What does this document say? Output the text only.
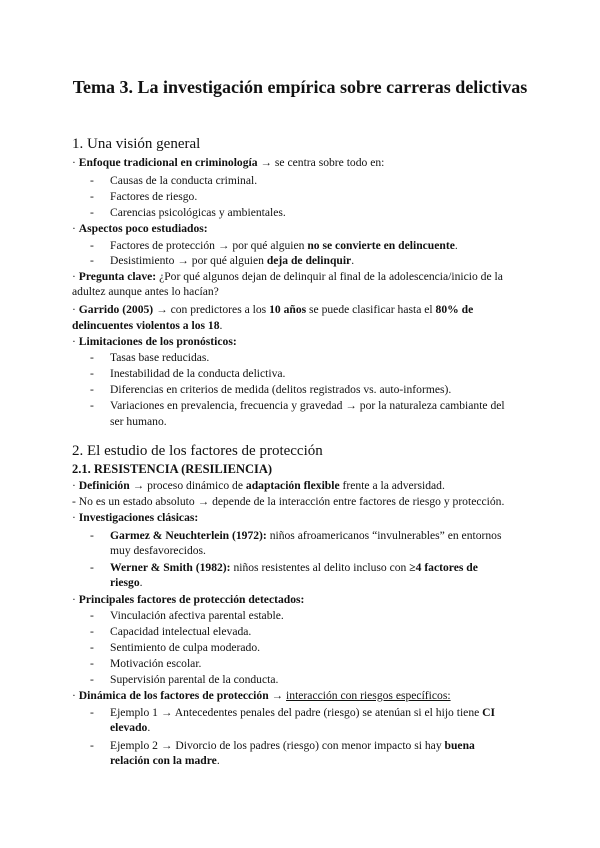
Tema 3. La investigación empírica sobre carreras delictivas
1. Una visión general
· Enfoque tradicional en criminología → se centra sobre todo en:
- Causas de la conducta criminal.
- Factores de riesgo.
- Carencias psicológicas y ambientales.
· Aspectos poco estudiados:
- Factores de protección → por qué alguien no se convierte en delincuente.
- Desistimiento → por qué alguien deja de delinquir.
· Pregunta clave: ¿Por qué algunos dejan de delinquir al final de la adolescencia/inicio de la
adultez aunque antes lo hacían?
· Garrido (2005) → con predictores a los 10 años se puede clasificar hasta el 80% de
delincuentes violentos a los 18.
· Limitaciones de los pronósticos:
- Tasas base reducidas.
- Inestabilidad de la conducta delictiva.
- Diferencias en criterios de medida (delitos registrados vs. auto-informes).
- Variaciones en prevalencia, frecuencia y gravedad → por la naturaleza cambiante del
ser humano.
2. El estudio de los factores de protección
2.1. RESISTENCIA (RESILIENCIA)
· Definición → proceso dinámico de adaptación flexible frente a la adversidad.
- No es un estado absoluto → depende de la interacción entre factores de riesgo y protección.
· Investigaciones clásicas:
- Garmez & Neuchterlein (1972): niños afroamericanos “invulnerables” en entornos
muy desfavorecidos.
- Werner & Smith (1982): niños resistentes al delito incluso con ≥4 factores de
riesgo.
· Principales factores de protección detectados:
- Vinculación afectiva parental estable.
- Capacidad intelectual elevada.
- Sentimiento de culpa moderado.
- Motivación escolar.
- Supervisión parental de la conducta.
· Dinámica de los factores de protección → interacción con riesgos específicos:
- Ejemplo 1 → Antecedentes penales del padre (riesgo) se atenúan si el hijo tiene CI
elevado.
- Ejemplo 2 → Divorcio de los padres (riesgo) con menor impacto si hay buena
relación con la madre.
